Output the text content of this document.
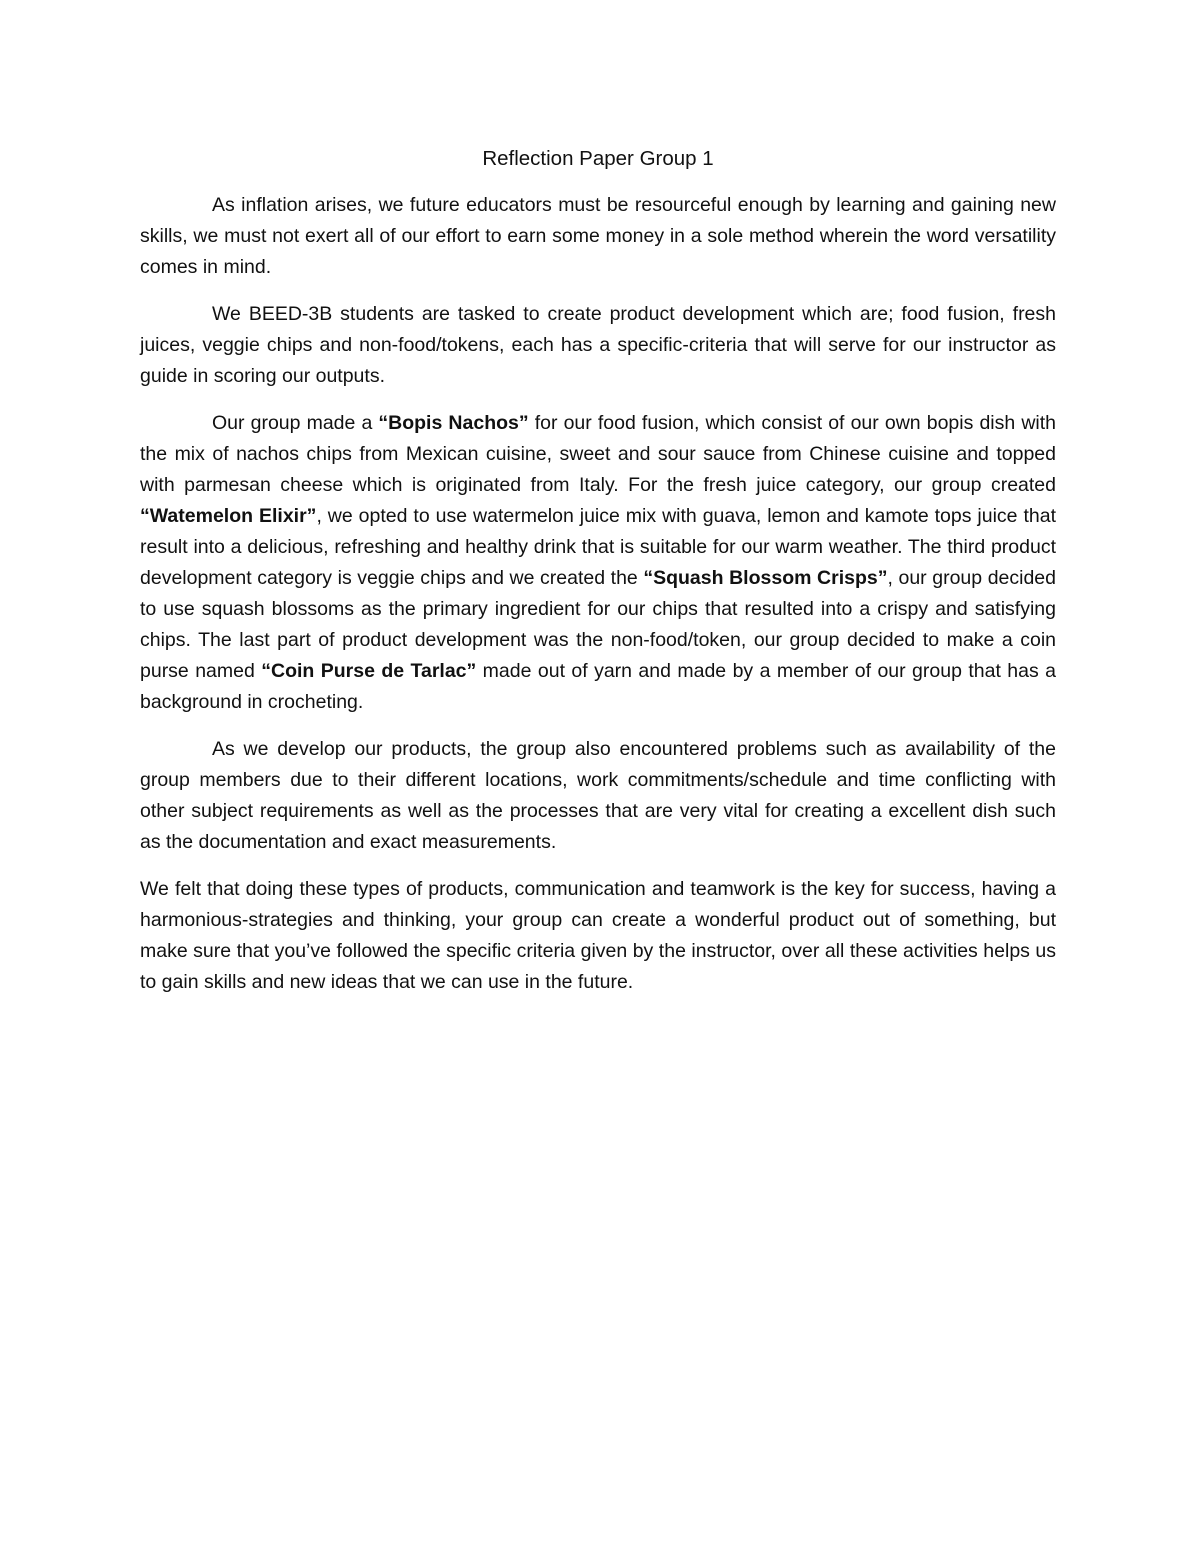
Reflection Paper Group 1

As inflation arises, we future educators must be resourceful enough by learning and gaining new skills, we must not exert all of our effort to earn some money in a sole method wherein the word versatility comes in mind.

We BEED-3B students are tasked to create product development which are; food fusion, fresh juices, veggie chips and non-food/tokens, each has a specific-criteria that will serve for our instructor as guide in scoring our outputs.

Our group made a “Bopis Nachos” for our food fusion, which consist of our own bopis dish with the mix of nachos chips from Mexican cuisine, sweet and sour sauce from Chinese cuisine and topped with parmesan cheese which is originated from Italy. For the fresh juice category, our group created “Watemelon Elixir”, we opted to use watermelon juice mix with guava, lemon and kamote tops juice that result into a delicious, refreshing and healthy drink that is suitable for our warm weather. The third product development category is veggie chips and we created the “Squash Blossom Crisps”, our group decided to use squash blossoms as the primary ingredient for our chips that resulted into a crispy and satisfying chips. The last part of product development was the non-food/token, our group decided to make a coin purse named “Coin Purse de Tarlac” made out of yarn and made by a member of our group that has a background in crocheting.

As we develop our products, the group also encountered problems such as availability of the group members due to their different locations, work commitments/schedule and time conflicting with other subject requirements as well as the processes that are very vital for creating a excellent dish such as the documentation and exact measurements.

We felt that doing these types of products, communication and teamwork is the key for success, having a harmonious-strategies and thinking, your group can create a wonderful product out of something, but make sure that you’ve followed the specific criteria given by the instructor, over all these activities helps us to gain skills and new ideas that we can use in the future.
